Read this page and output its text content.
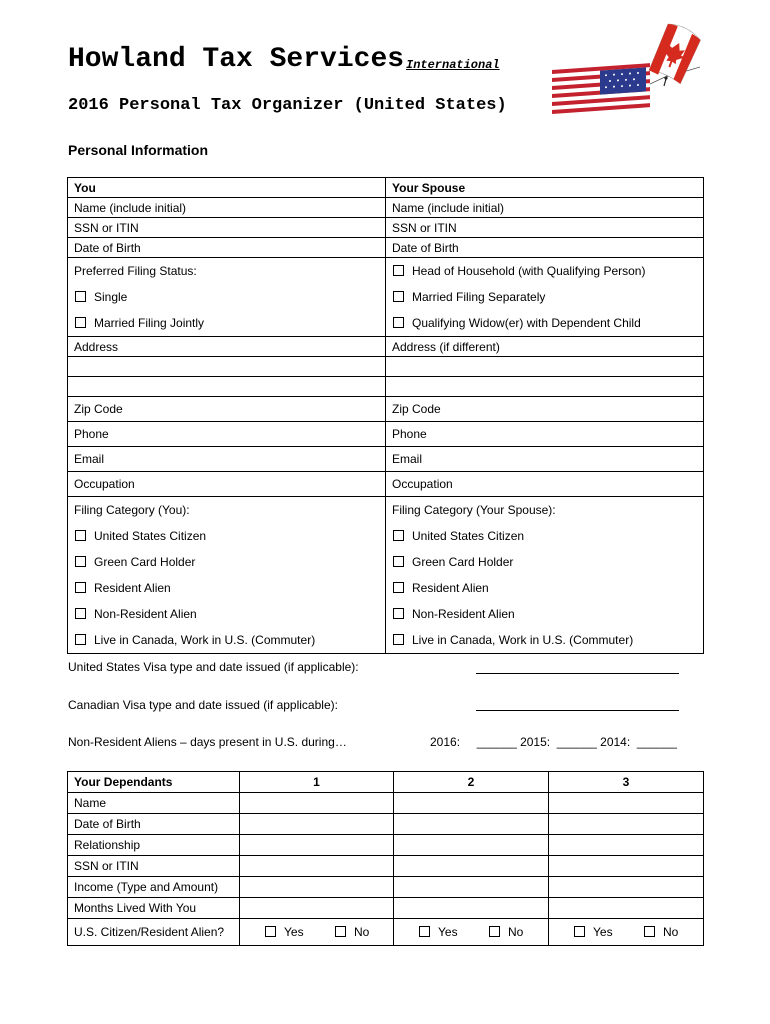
Howland Tax Services International
2016 Personal Tax Organizer (United States)
Personal Information
You	Your Spouse
Name (include initial)	Name (include initial)
SSN or ITIN	SSN or ITIN
Date of Birth	Date of Birth
Preferred Filing Status:	Head of Household (with Qualifying Person)
Single	Married Filing Separately
Married Filing Jointly	Qualifying Widow(er) with Dependent Child
Address	Address (if different)

Zip Code	Zip Code
Phone	Phone
Email	Email
Occupation	Occupation
Filing Category (You):	Filing Category (Your Spouse):
United States Citizen	United States Citizen
Green Card Holder	Green Card Holder
Resident Alien	Resident Alien
Non-Resident Alien	Non-Resident Alien
Live in Canada, Work in U.S. (Commuter)	Live in Canada, Work in U.S. (Commuter)
United States Visa type and date issued (if applicable):
Canadian Visa type and date issued (if applicable):
Non-Resident Aliens – days present in U.S. during…	2016: ______ 2015: ______ 2014: ______
Your Dependants	1	2	3
Name			
Date of Birth			
Relationship			
SSN or ITIN			
Income (Type and Amount)			
Months Lived With You			
U.S. Citizen/Resident Alien?	Yes No	Yes No	Yes No
